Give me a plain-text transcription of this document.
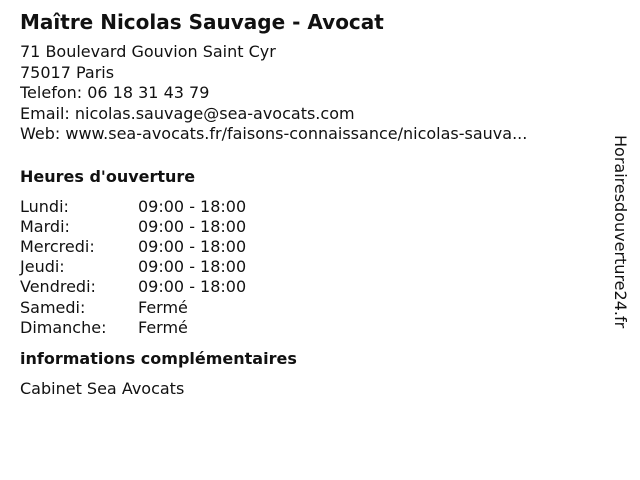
Maître Nicolas Sauvage - Avocat
71 Boulevard Gouvion Saint Cyr
75017 Paris
Telefon: 06 18 31 43 79
Email: nicolas.sauvage@sea-avocats.com
Web: www.sea-avocats.fr/faisons-connaissance/nicolas-sauva...
Heures d'ouverture
Lundi:	09:00 - 18:00
Mardi:	09:00 - 18:00
Mercredi:	09:00 - 18:00
Jeudi:	09:00 - 18:00
Vendredi:	09:00 - 18:00
Samedi:	Fermé
Dimanche:	Fermé
informations complémentaires
Cabinet Sea Avocats
Horairesdouverture24.fr
